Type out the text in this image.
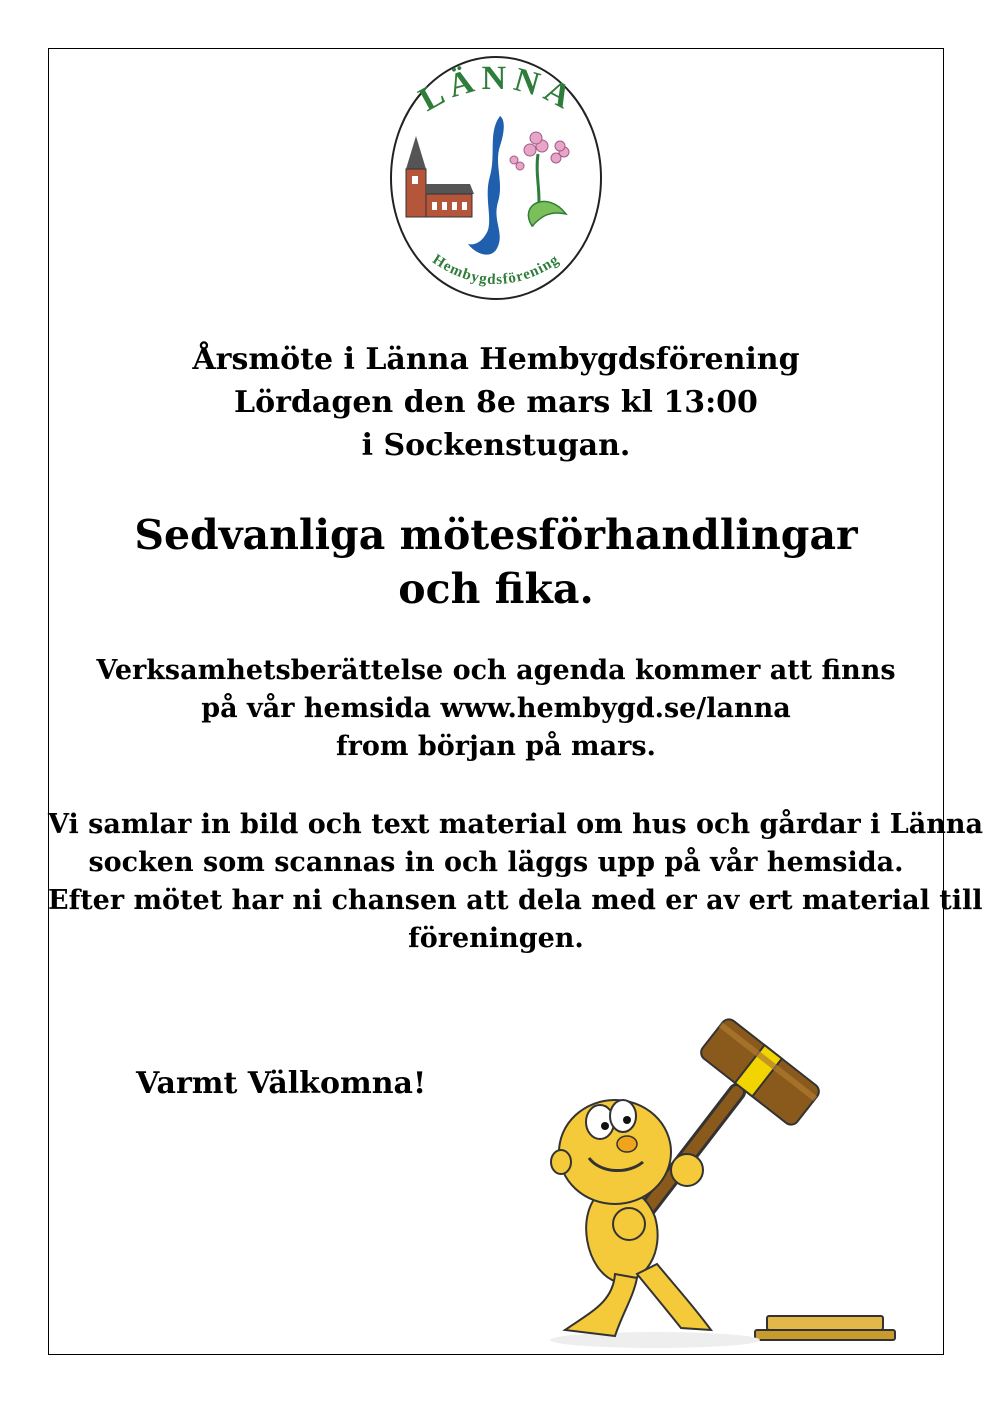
LÄNNA
Hembygdsförening
Årsmöte i Länna Hembygdsförening
Lördagen den 8e mars kl 13:00
i Sockenstugan.
Sedvanliga mötesförhandlingar
och fika.
Verksamhetsberättelse och agenda kommer att finns
på vår hemsida www.hembygd.se/lanna
from början på mars.
Vi samlar in bild och text material om hus och gårdar i Länna
socken som scannas in och läggs upp på vår hemsida.
Efter mötet har ni chansen att dela med er av ert material till
föreningen.
Varmt Välkomna!
